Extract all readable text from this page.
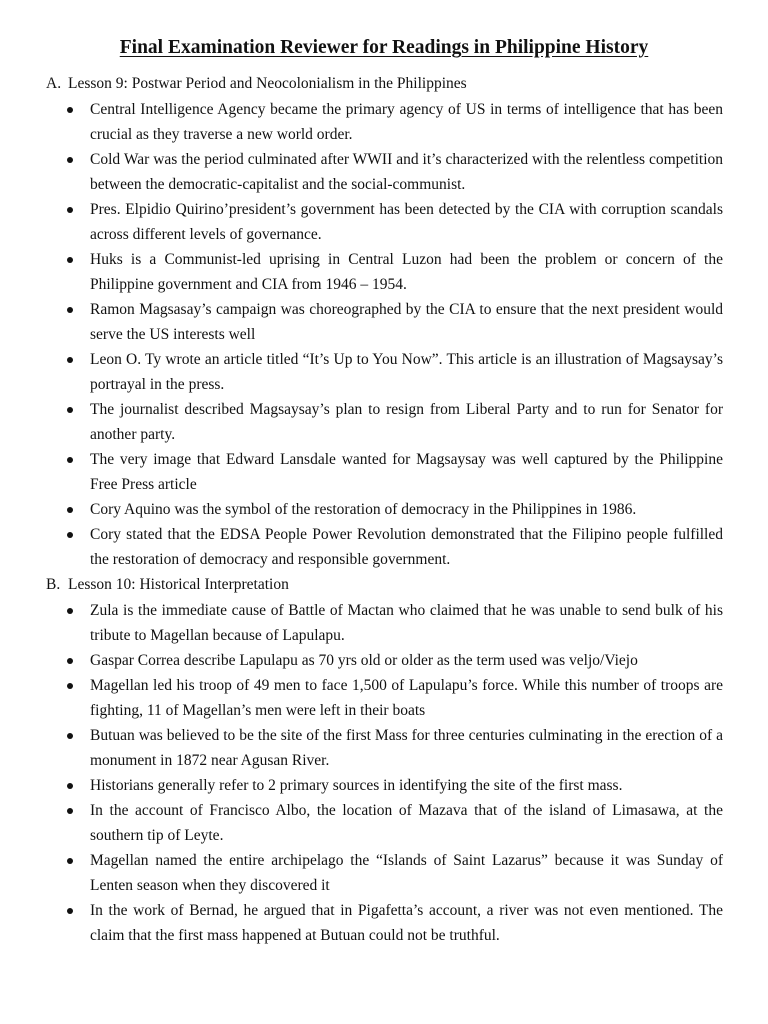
Final Examination Reviewer for Readings in Philippine History
A. Lesson 9: Postwar Period and Neocolonialism in the Philippines
Central Intelligence Agency became the primary agency of US in terms of intelligence that has been crucial as they traverse a new world order.
Cold War was the period culminated after WWII and it’s characterized with the relentless competition between the democratic-capitalist and the social-communist.
Pres. Elpidio Quirino’president’s government has been detected by the CIA with corruption scandals across different levels of governance.
Huks is a Communist-led uprising in Central Luzon had been the problem or concern of the Philippine government and CIA from 1946 – 1954.
Ramon Magsasay’s campaign was choreographed by the CIA to ensure that the next president would serve the US interests well
Leon O. Ty wrote an article titled “It’s Up to You Now”. This article is an illustration of Magsaysay’s portrayal in the press.
The journalist described Magsaysay’s plan to resign from Liberal Party and to run for Senator for another party.
The very image that Edward Lansdale wanted for Magsaysay was well captured by the Philippine Free Press article
Cory Aquino was the symbol of the restoration of democracy in the Philippines in 1986.
Cory stated that the EDSA People Power Revolution demonstrated that the Filipino people fulfilled the restoration of democracy and responsible government.
B. Lesson 10: Historical Interpretation
Zula is the immediate cause of Battle of Mactan who claimed that he was unable to send bulk of his tribute to Magellan because of Lapulapu.
Gaspar Correa describe Lapulapu as 70 yrs old or older as the term used was veljo/Viejo
Magellan led his troop of 49 men to face 1,500 of Lapulapu’s force. While this number of troops are fighting, 11 of Magellan’s men were left in their boats
Butuan was believed to be the site of the first Mass for three centuries culminating in the erection of a monument in 1872 near Agusan River.
Historians generally refer to 2 primary sources in identifying the site of the first mass.
In the account of Francisco Albo, the location of Mazava that of the island of Limasawa, at the southern tip of Leyte.
Magellan named the entire archipelago the “Islands of Saint Lazarus” because it was Sunday of Lenten season when they discovered it
In the work of Bernad, he argued that in Pigafetta’s account, a river was not even mentioned. The claim that the first mass happened at Butuan could not be truthful.
